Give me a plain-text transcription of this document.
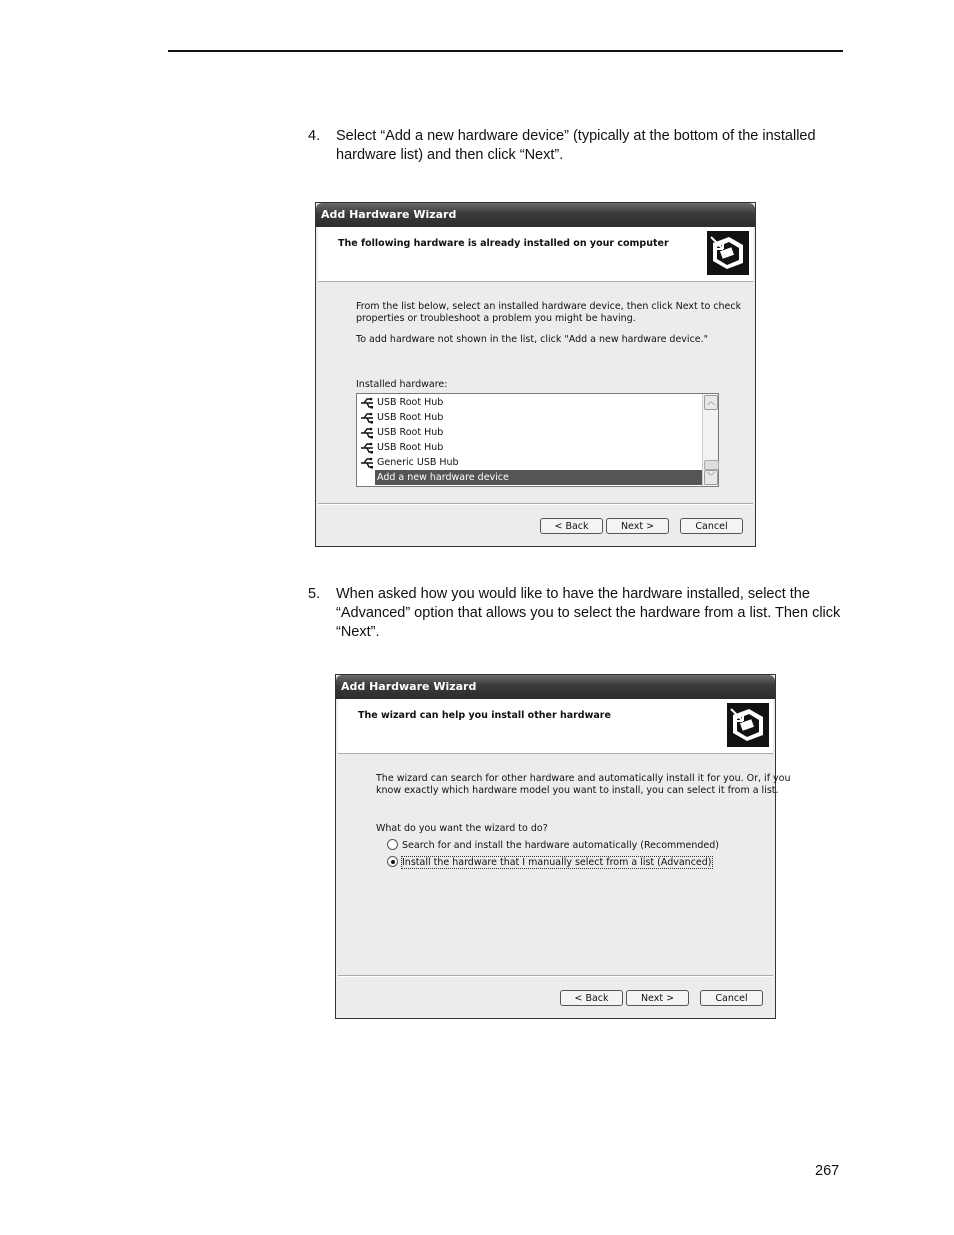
4. Select “Add a new hardware device” (typically at the bottom of the installed hardware list) and then click “Next”.
Add Hardware Wizard
The following hardware is already installed on your computer
From the list below, select an installed hardware device, then click Next to check
properties or troubleshoot a problem you might be having.
To add hardware not shown in the list, click "Add a new hardware device."
Installed hardware:
USB Root Hub
USB Root Hub
USB Root Hub
USB Root Hub
Generic USB Hub
Add a new hardware device
︿
﹀
< Back	Next >	Cancel
5. When asked how you would like to have the hardware installed, select the “Advanced” option that allows you to select the hardware from a list. Then click “Next”.
Add Hardware Wizard
The wizard can help you install other hardware
The wizard can search for other hardware and automatically install it for you. Or, if you
know exactly which hardware model you want to install, you can select it from a list.
What do you want the wizard to do?
Search for and install the hardware automatically (Recommended)
Install the hardware that I manually select from a list (Advanced)
< Back	Next >	Cancel
267
